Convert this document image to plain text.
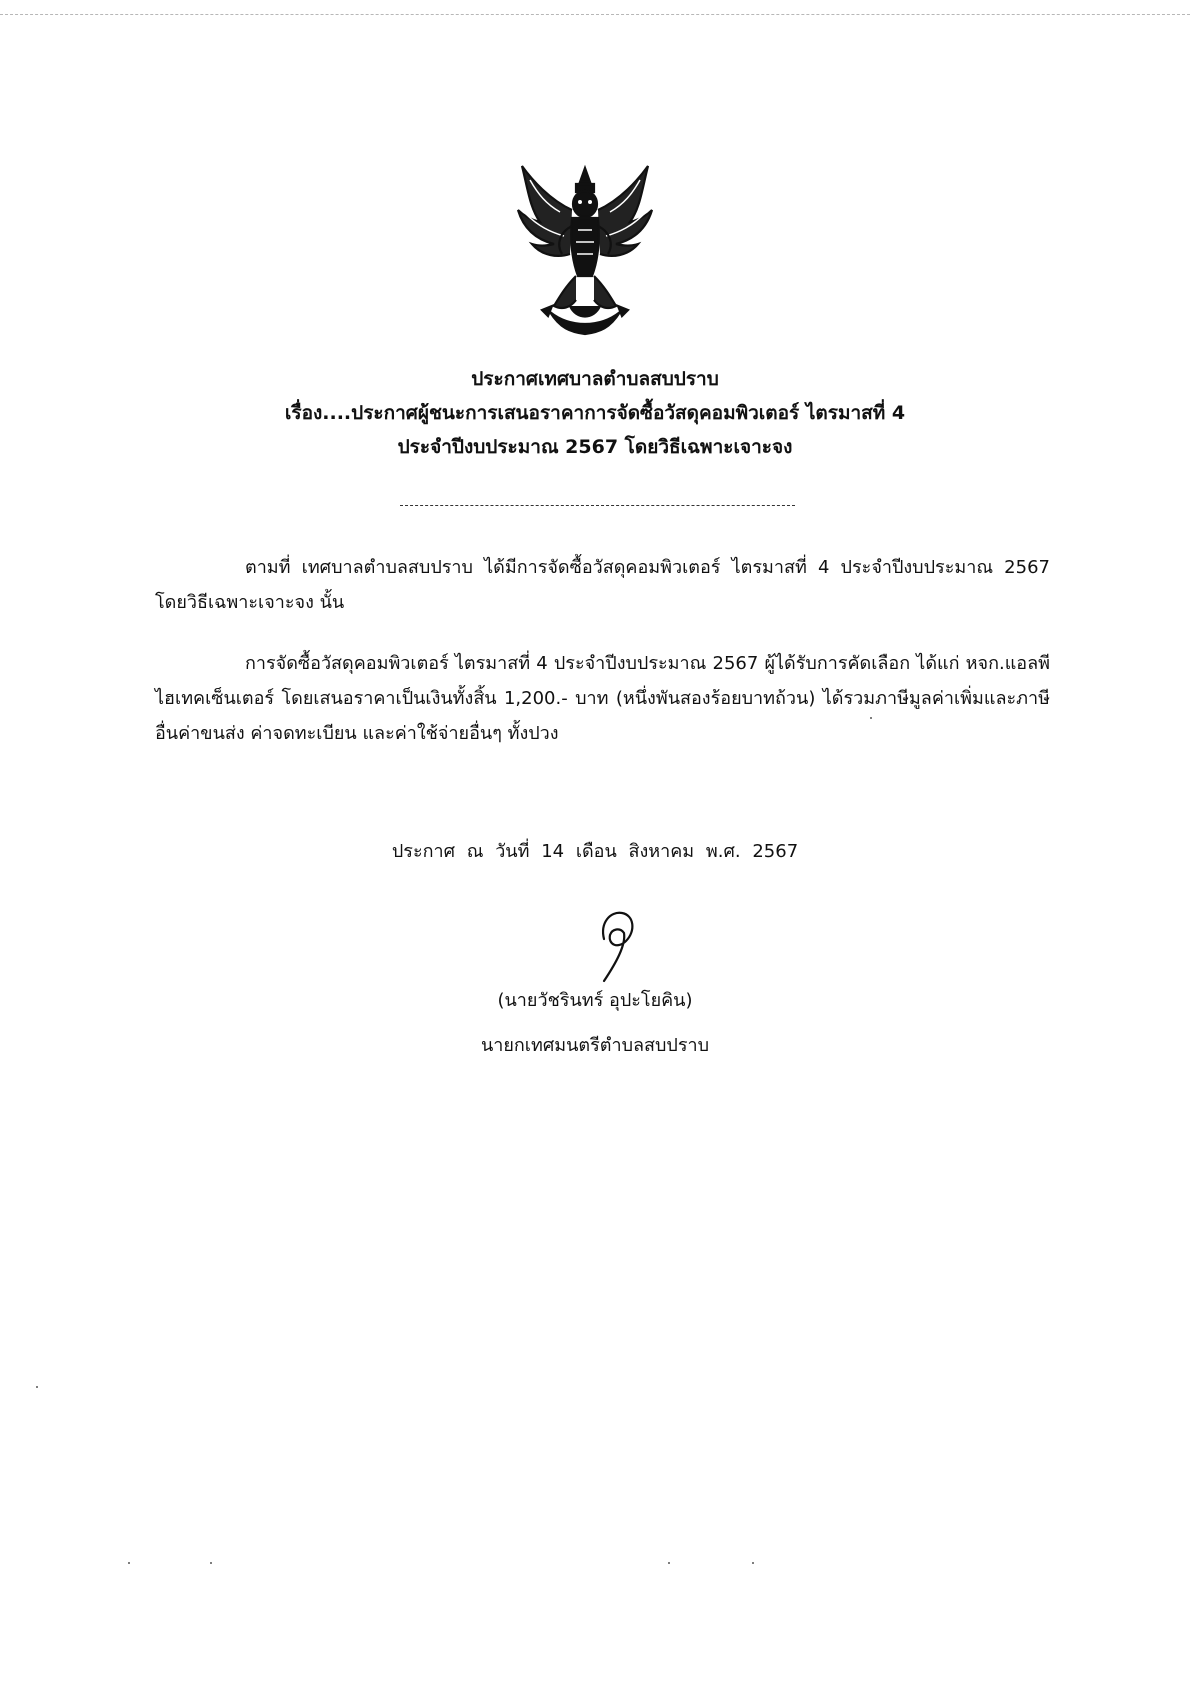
ประกาศเทศบาลตำบลสบปราบ
เรื่อง....ประกาศผู้ชนะการเสนอราคาการจัดซื้อวัสดุคอมพิวเตอร์ ไตรมาสที่ 4
ประจำปีงบประมาณ 2567 โดยวิธีเฉพาะเจาะจง

ตามที่ เทศบาลตำบลสบปราบ ได้มีการจัดซื้อวัสดุคอมพิวเตอร์ ไตรมาสที่ 4 ประจำปีงบประมาณ 2567 โดยวิธีเฉพาะเจาะจง นั้น

การจัดซื้อวัสดุคอมพิวเตอร์ ไตรมาสที่ 4 ประจำปีงบประมาณ 2567 ผู้ได้รับการคัดเลือก ได้แก่ หจก.แอลพีไฮเทคเซ็นเตอร์ โดยเสนอราคาเป็นเงินทั้งสิ้น 1,200.- บาท (หนึ่งพันสองร้อยบาทถ้วน) ได้รวมภาษีมูลค่าเพิ่มและภาษีอื่นค่าขนส่ง ค่าจดทะเบียน และค่าใช้จ่ายอื่นๆ ทั้งปวง

ประกาศ ณ วันที่ 14 เดือน สิงหาคม พ.ศ. 2567
(นายวัชรินทร์ อุปะโยคิน)
นายกเทศมนตรีตำบลสบปราบ
